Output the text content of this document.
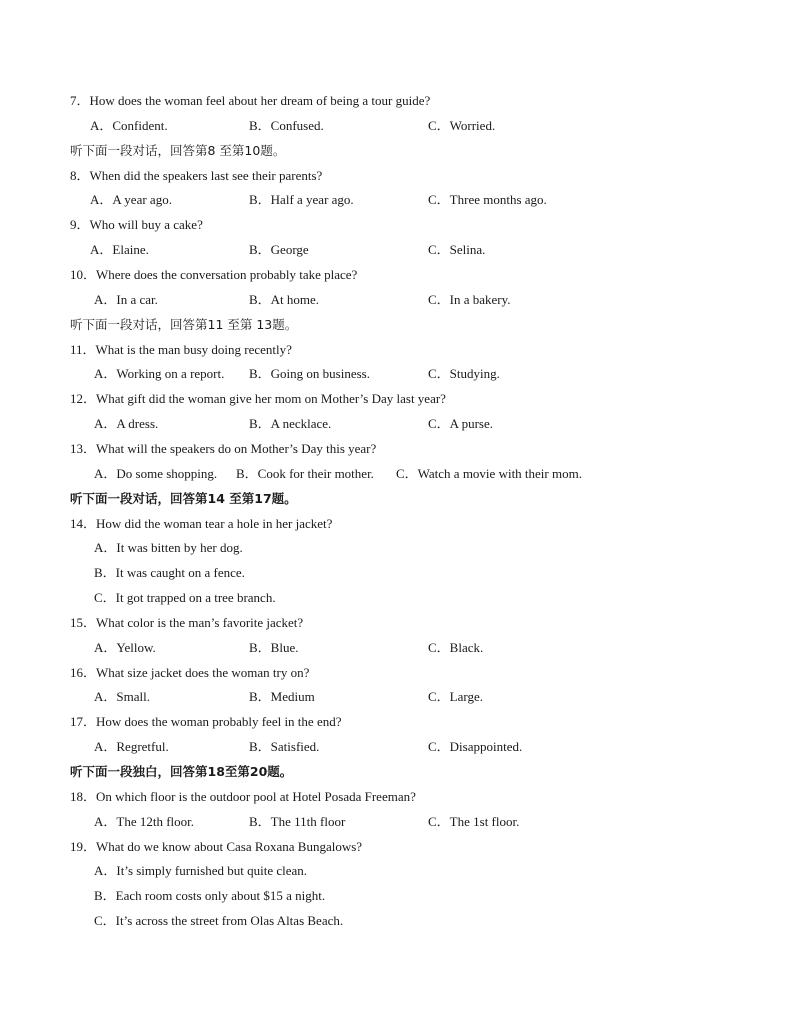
7．How does the woman feel about her dream of being a tour guide?
A．Confident.	B．Confused.	C．Worried.
听下面一段对话，回答第8 至第10题。
8．When did the speakers last see their parents?
A．A year ago.	B．Half a year ago.	C．Three months ago.
9．Who will buy a cake?
A．Elaine.	B．George	C．Selina.
10．Where does the conversation probably take place?
A．In a car.	B．At home.	C．In a bakery.
听下面一段对话，回答第11 至第 13题。
11．What is the man busy doing recently?
A．Working on a report. B．Going on business.	C．Studying.
12．What gift did the woman give her mom on Mother’s Day last year?
A．A dress.	B．A necklace.	C．A purse.
13．What will the speakers do on Mother’s Day this year?
A．Do some shopping. B．Cook for their mother. C．Watch a movie with their mom.
听下面一段对话，回答第14 至第17题。
14．How did the woman tear a hole in her jacket?
A．It was bitten by her dog.
B．It was caught on a fence.
C．It got trapped on a tree branch.
15．What color is the man’s favorite jacket?
A．Yellow.	B．Blue.	C．Black.
16．What size jacket does the woman try on?
A．Small.	B．Medium	C．Large.
17．How does the woman probably feel in the end?
A．Regretful.	B．Satisfied.	C．Disappointed.
听下面一段独白，回答第18至第20题。
18．On which floor is the outdoor pool at Hotel Posada Freeman?
A．The 12th floor.	B．The 11th floor	C．The 1st floor.
19．What do we know about Casa Roxana Bungalows?
A．It’s simply furnished but quite clean.
B．Each room costs only about $15 a night.
C．It’s across the street from Olas Altas Beach.
